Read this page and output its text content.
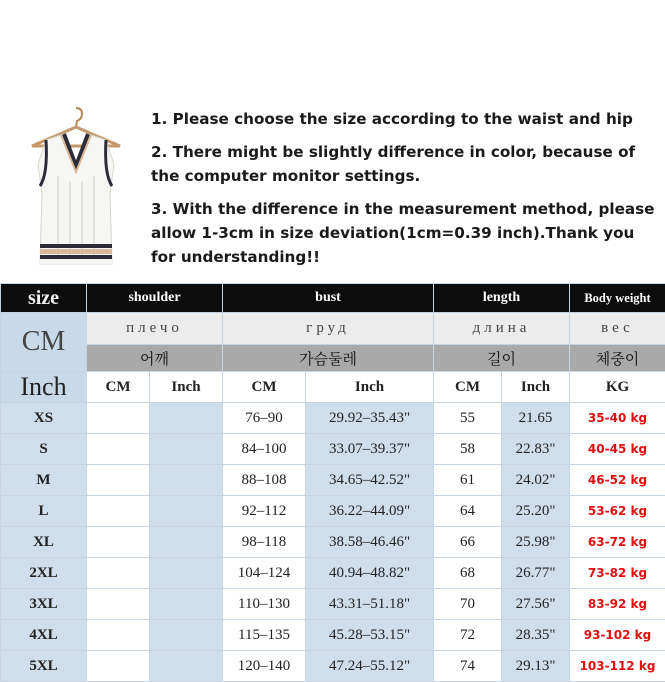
1. Please choose the size according to the waist and hip

2. There might be slightly difference in color, because of the computer monitor settings.

3. With the difference in the measurement method, please allow 1-3cm in size deviation(1cm=0.39 inch).Thank you for understanding!!

size	shoulder		bust		length		Body weight
CM	плечо		груд		длина		вес
	어깨		가슴둘레		길이		체중이
Inch	CM	Inch	CM	Inch	CM	Inch	KG
XS			76–90	29.92–35.43"	55	21.65	35-40 kg
S			84–100	33.07–39.37"	58	22.83"	40-45 kg
M			88–108	34.65–42.52"	61	24.02"	46-52 kg
L			92–112	36.22–44.09"	64	25.20"	53-62 kg
XL			98–118	38.58–46.46"	66	25.98"	63-72 kg
2XL			104–124	40.94–48.82"	68	26.77"	73-82 kg
3XL			110–130	43.31–51.18"	70	27.56"	83-92 kg
4XL			115–135	45.28–53.15"	72	28.35"	93-102 kg
5XL			120–140	47.24–55.12"	74	29.13"	103-112 kg
